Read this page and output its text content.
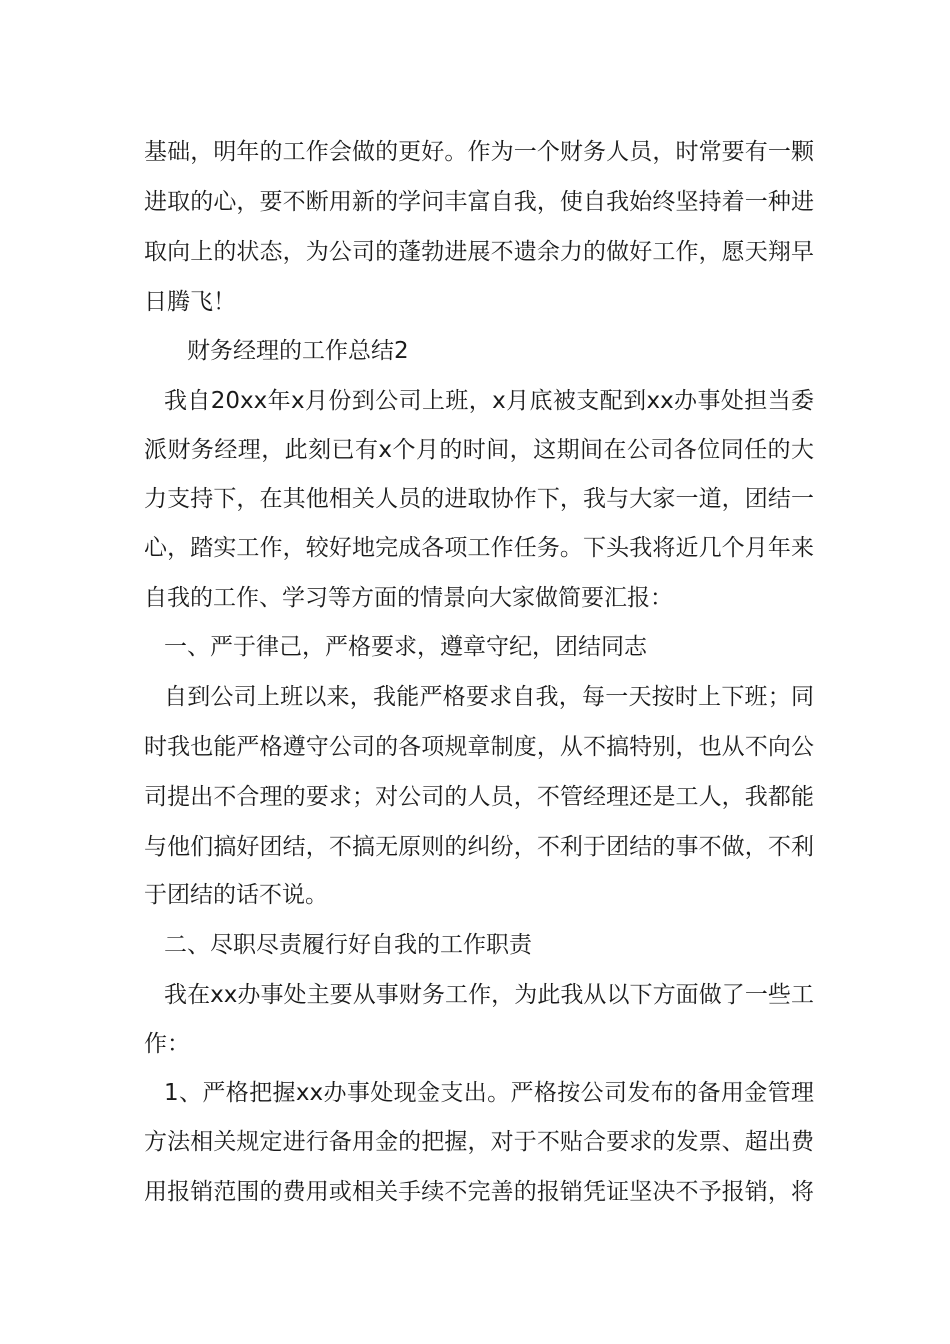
基础，明年的工作会做的更好。作为一个财务人员，时常要有一颗
进取的心，要不断用新的学问丰富自我，使自我始终坚持着一种进
取向上的状态，为公司的蓬勃进展不遗余力的做好工作，愿天翔早
日腾飞！
财务经理的工作总结2
我自20xx年x月份到公司上班，x月底被支配到xx办事处担当委
派财务经理，此刻已有x个月的时间，这期间在公司各位同任的大
力支持下，在其他相关人员的进取协作下，我与大家一道，团结一
心，踏实工作，较好地完成各项工作任务。下头我将近几个月年来
自我的工作、学习等方面的情景向大家做简要汇报：
一、严于律己，严格要求，遵章守纪，团结同志
自到公司上班以来，我能严格要求自我，每一天按时上下班；同
时我也能严格遵守公司的各项规章制度，从不搞特别，也从不向公
司提出不合理的要求；对公司的人员，不管经理还是工人，我都能
与他们搞好团结，不搞无原则的纠纷，不利于团结的事不做，不利
于团结的话不说。
二、尽职尽责履行好自我的工作职责
我在xx办事处主要从事财务工作，为此我从以下方面做了一些工
作：
1、严格把握xx办事处现金支出。严格按公司发布的备用金管理
方法相关规定进行备用金的把握，对于不贴合要求的发票、超出费
用报销范围的费用或相关手续不完善的报销凭证坚决不予报销，将
